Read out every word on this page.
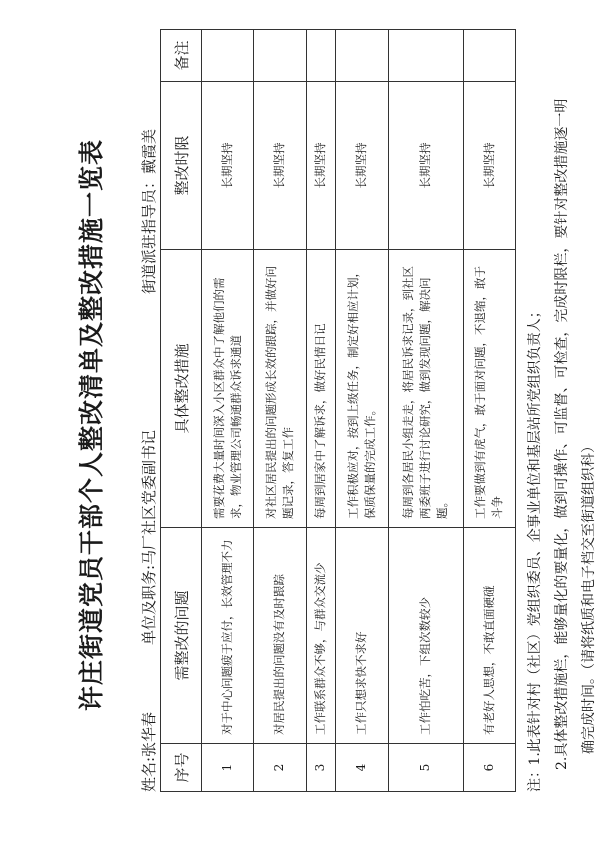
许庄街道党员干部个人整改清单及整改措施一览表
姓名:张华春
单位及职务:马厂社区党委副书记
街道派驻指导员：戴霞美
序号	需整改的问题	具体整改措施	整改时限	备注
1	对于中心问题疲于应付，长效管理不力	需要花费大量时间深入小区群众中了解他们的需求，物业管理公司畅通群众诉求通道	长期坚持	
2	对居民提出的问题没有及时跟踪	对社区居民提出的问题形成长效的跟踪，并做好问题记录，答复工作	长期坚持	
3	工作联系群众不够，与群众交流少	每周到居家中了解诉求，做好民情日记	长期坚持	
4	工作只想求快不求好	工作积极应对，按到上级任务，制定好相应计划，保质保量的完成工作。	长期坚持	
5	工作怕吃苦，下组次数较少	每周到各居民小组走走，将居民诉求记录，到社区两委班子进行讨论研究，做到发现问题，解决问题。	长期坚持	
6	有老好人思想，不敢直面硬碰	工作要做到有虎气，敢于面对问题，不退缩，敢于斗争	长期坚持	
注： 1.此表针对村（社区）党组织委员、企事业单位和基层站所党组织负责人； 2.具体整改措施栏，能够量化的要量化，做到可操作、可监督、可检查，完成时限栏，要针对整改措施逐一明 确完成时间。（请将纸质和电子档交至街道组织科）
